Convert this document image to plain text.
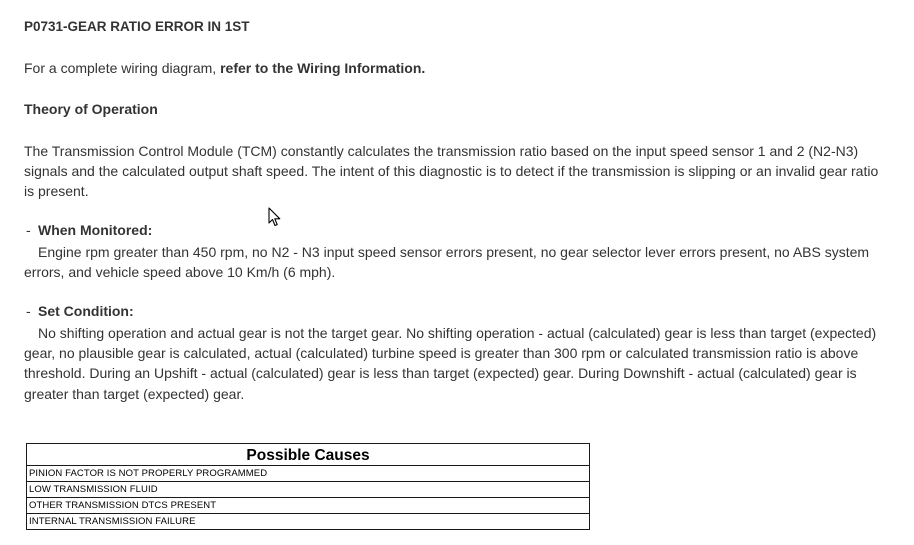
P0731-GEAR RATIO ERROR IN 1ST
For a complete wiring diagram, refer to the Wiring Information.
Theory of Operation
The Transmission Control Module (TCM) constantly calculates the transmission ratio based on the input speed sensor 1 and 2 (N2-N3)
signals and the calculated output shaft speed. The intent of this diagnostic is to detect if the transmission is slipping or an invalid gear ratio
is present.
- When Monitored:
Engine rpm greater than 450 rpm, no N2 - N3 input speed sensor errors present, no gear selector lever errors present, no ABS system
errors, and vehicle speed above 10 Km/h (6 mph).
- Set Condition:
No shifting operation and actual gear is not the target gear. No shifting operation - actual (calculated) gear is less than target (expected)
gear, no plausible gear is calculated, actual (calculated) turbine speed is greater than 300 rpm or calculated transmission ratio is above
threshold. During an Upshift - actual (calculated) gear is less than target (expected) gear. During Downshift - actual (calculated) gear is
greater than target (expected) gear.
Possible Causes
PINION FACTOR IS NOT PROPERLY PROGRAMMED
LOW TRANSMISSION FLUID
OTHER TRANSMISSION DTCS PRESENT
INTERNAL TRANSMISSION FAILURE
